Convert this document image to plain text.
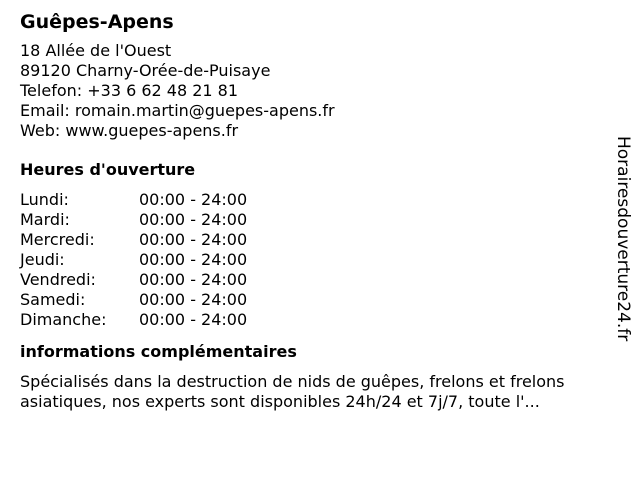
Guêpes-Apens
18 Allée de l'Ouest
89120 Charny-Orée-de-Puisaye
Telefon: +33 6 62 48 21 81
Email: romain.martin@guepes-apens.fr
Web: www.guepes-apens.fr
Heures d'ouverture
Lundi:	00:00 - 24:00
Mardi:	00:00 - 24:00
Mercredi:	00:00 - 24:00
Jeudi:	00:00 - 24:00
Vendredi:	00:00 - 24:00
Samedi:	00:00 - 24:00
Dimanche:	00:00 - 24:00
informations complémentaires
Spécialisés dans la destruction de nids de guêpes, frelons et frelons asiatiques, nos experts sont disponibles 24h/24 et 7j/7, toute l'...
Horairesdouverture24.fr
